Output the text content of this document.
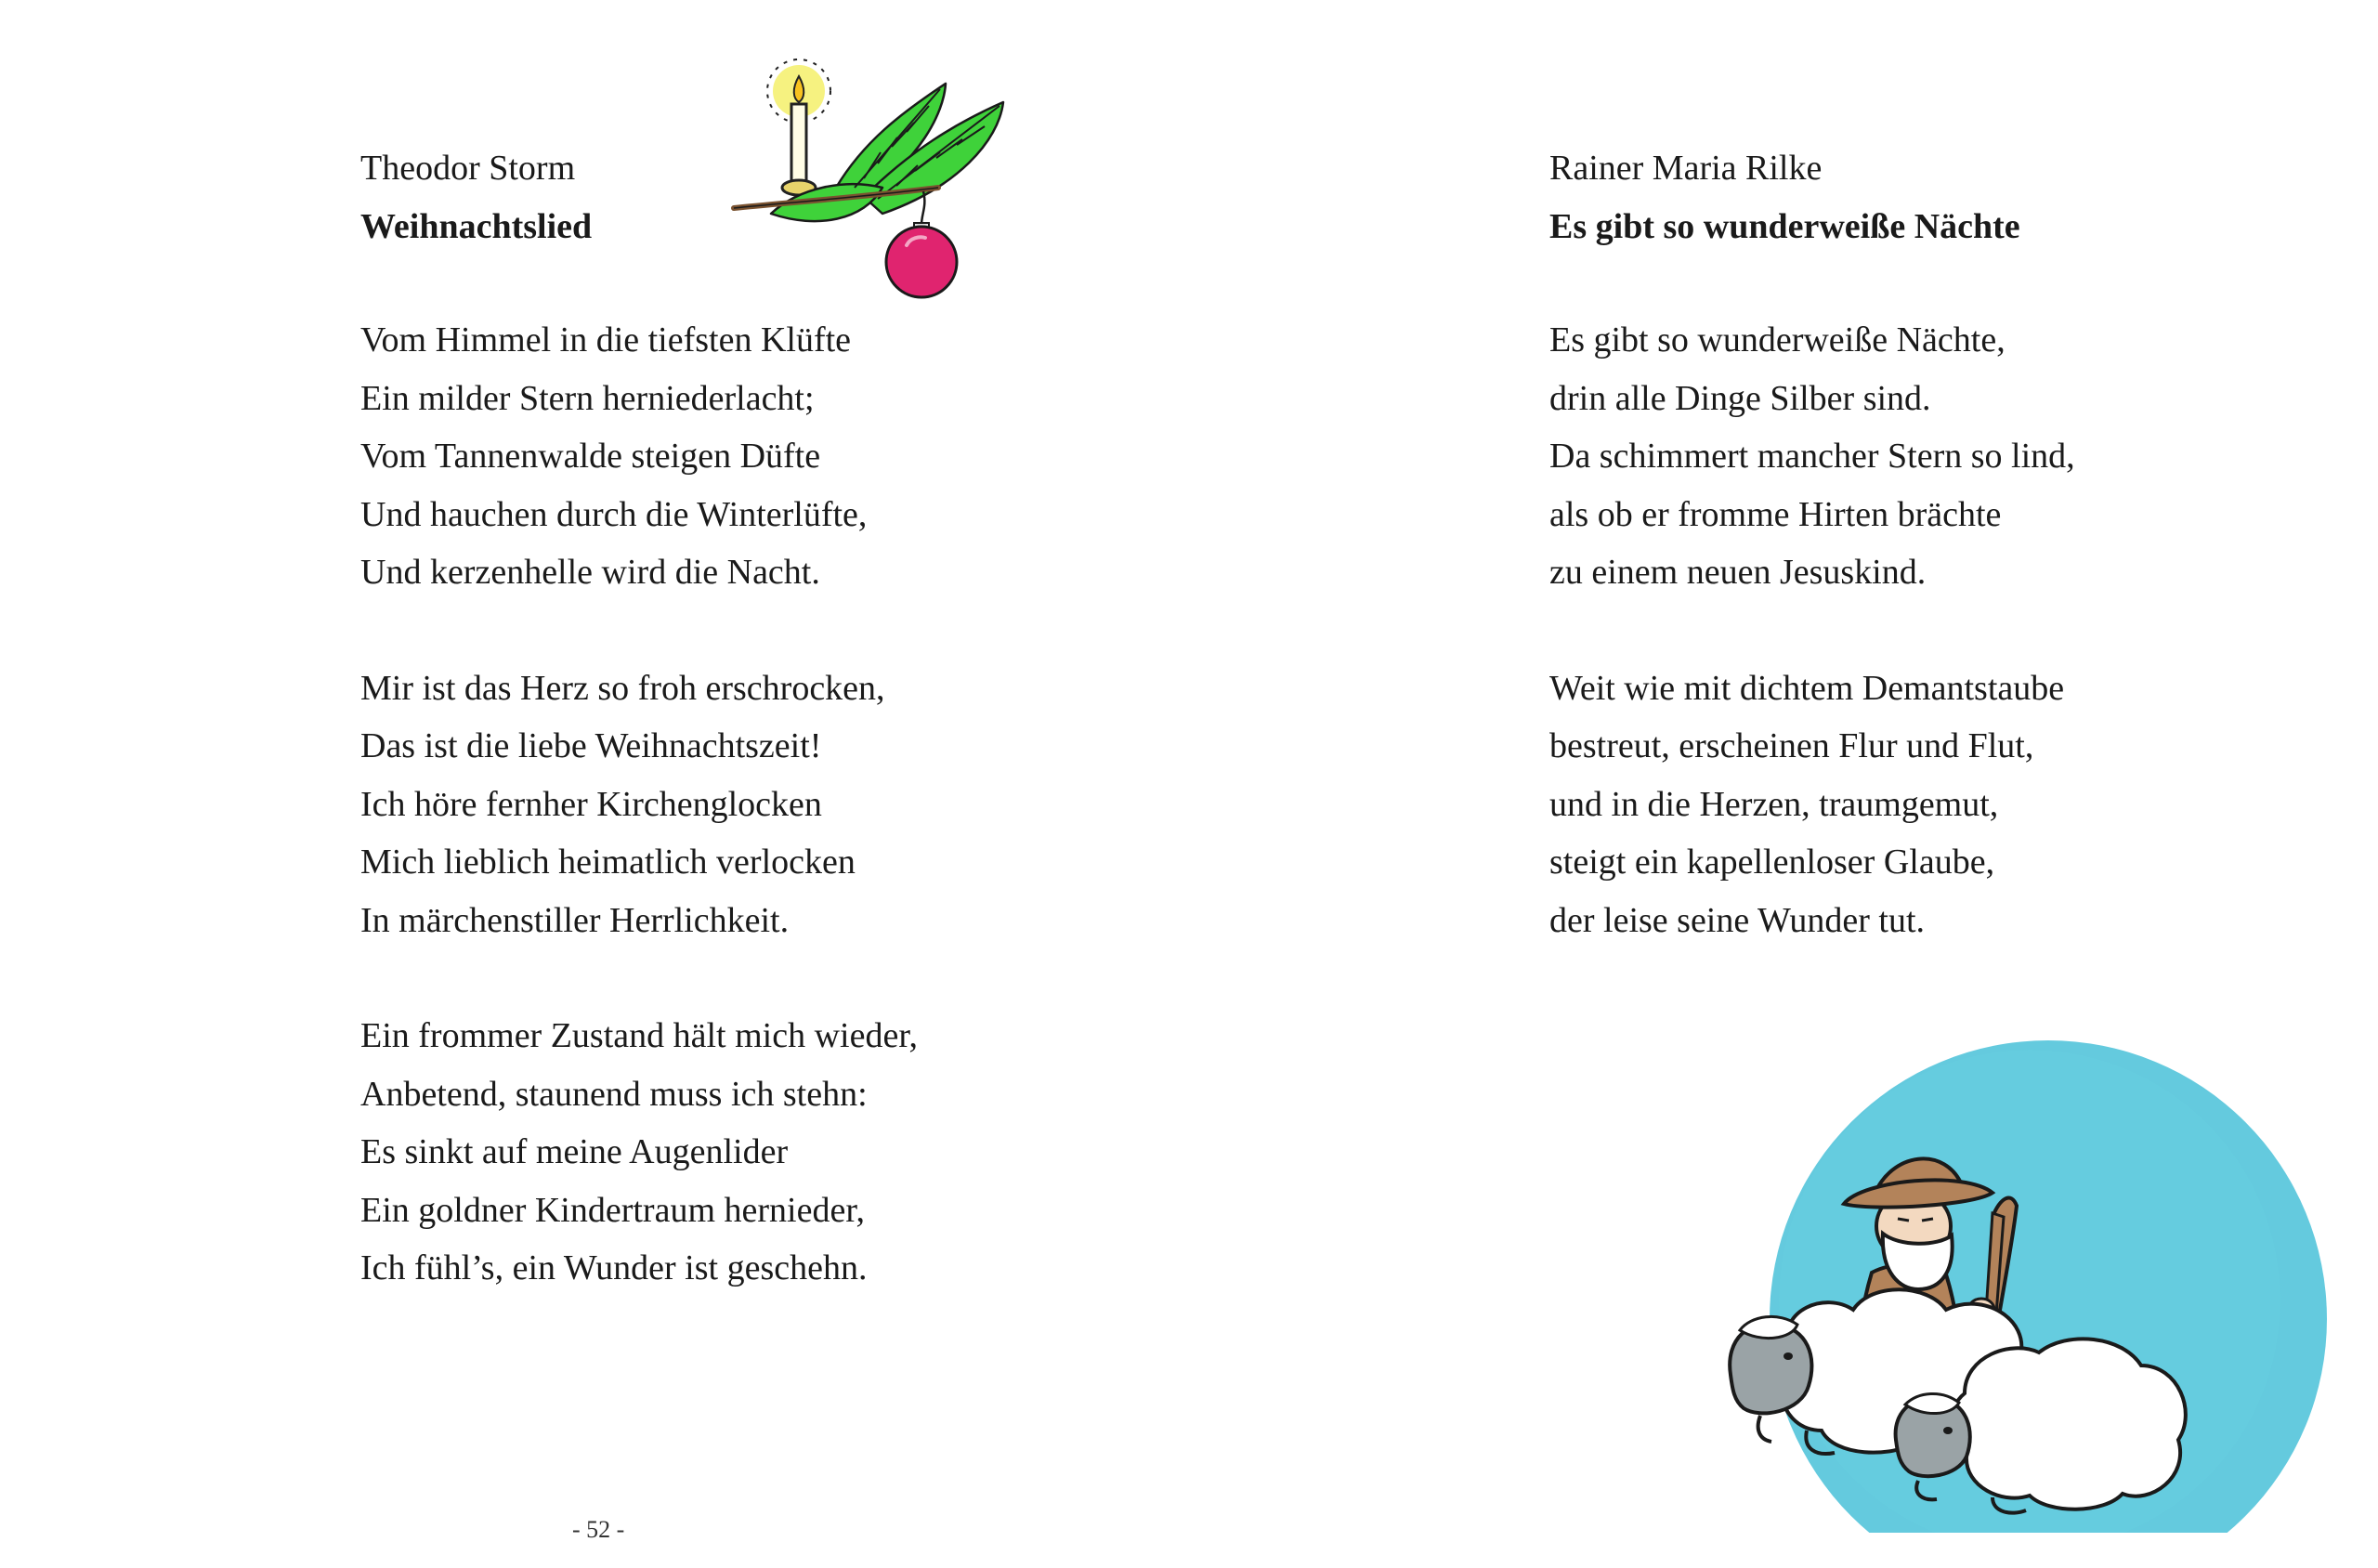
Theodor Storm
Weihnachtslied
Vom Himmel in die tiefsten Klüfte
Ein milder Stern herniederlacht;
Vom Tannenwalde steigen Düfte
Und hauchen durch die Winterlüfte,
Und kerzenhelle wird die Nacht.
Mir ist das Herz so froh erschrocken,
Das ist die liebe Weihnachtszeit!
Ich höre fernher Kirchenglocken
Mich lieblich heimatlich verlocken
In märchenstiller Herrlichkeit.
Ein frommer Zustand hält mich wieder,
Anbetend, staunend muss ich stehn:
Es sinkt auf meine Augenlider
Ein goldner Kindertraum hernieder,
Ich fühl’s, ein Wunder ist geschehn.
- 52 -
Rainer Maria Rilke
Es gibt so wunderweiße Nächte
Es gibt so wunderweiße Nächte,
drin alle Dinge Silber sind.
Da schimmert mancher Stern so lind,
als ob er fromme Hirten brächte
zu einem neuen Jesuskind.
Weit wie mit dichtem Demantstaube
bestreut, erscheinen Flur und Flut,
und in die Herzen, traumgemut,
steigt ein kapellenloser Glaube,
der leise seine Wunder tut.
